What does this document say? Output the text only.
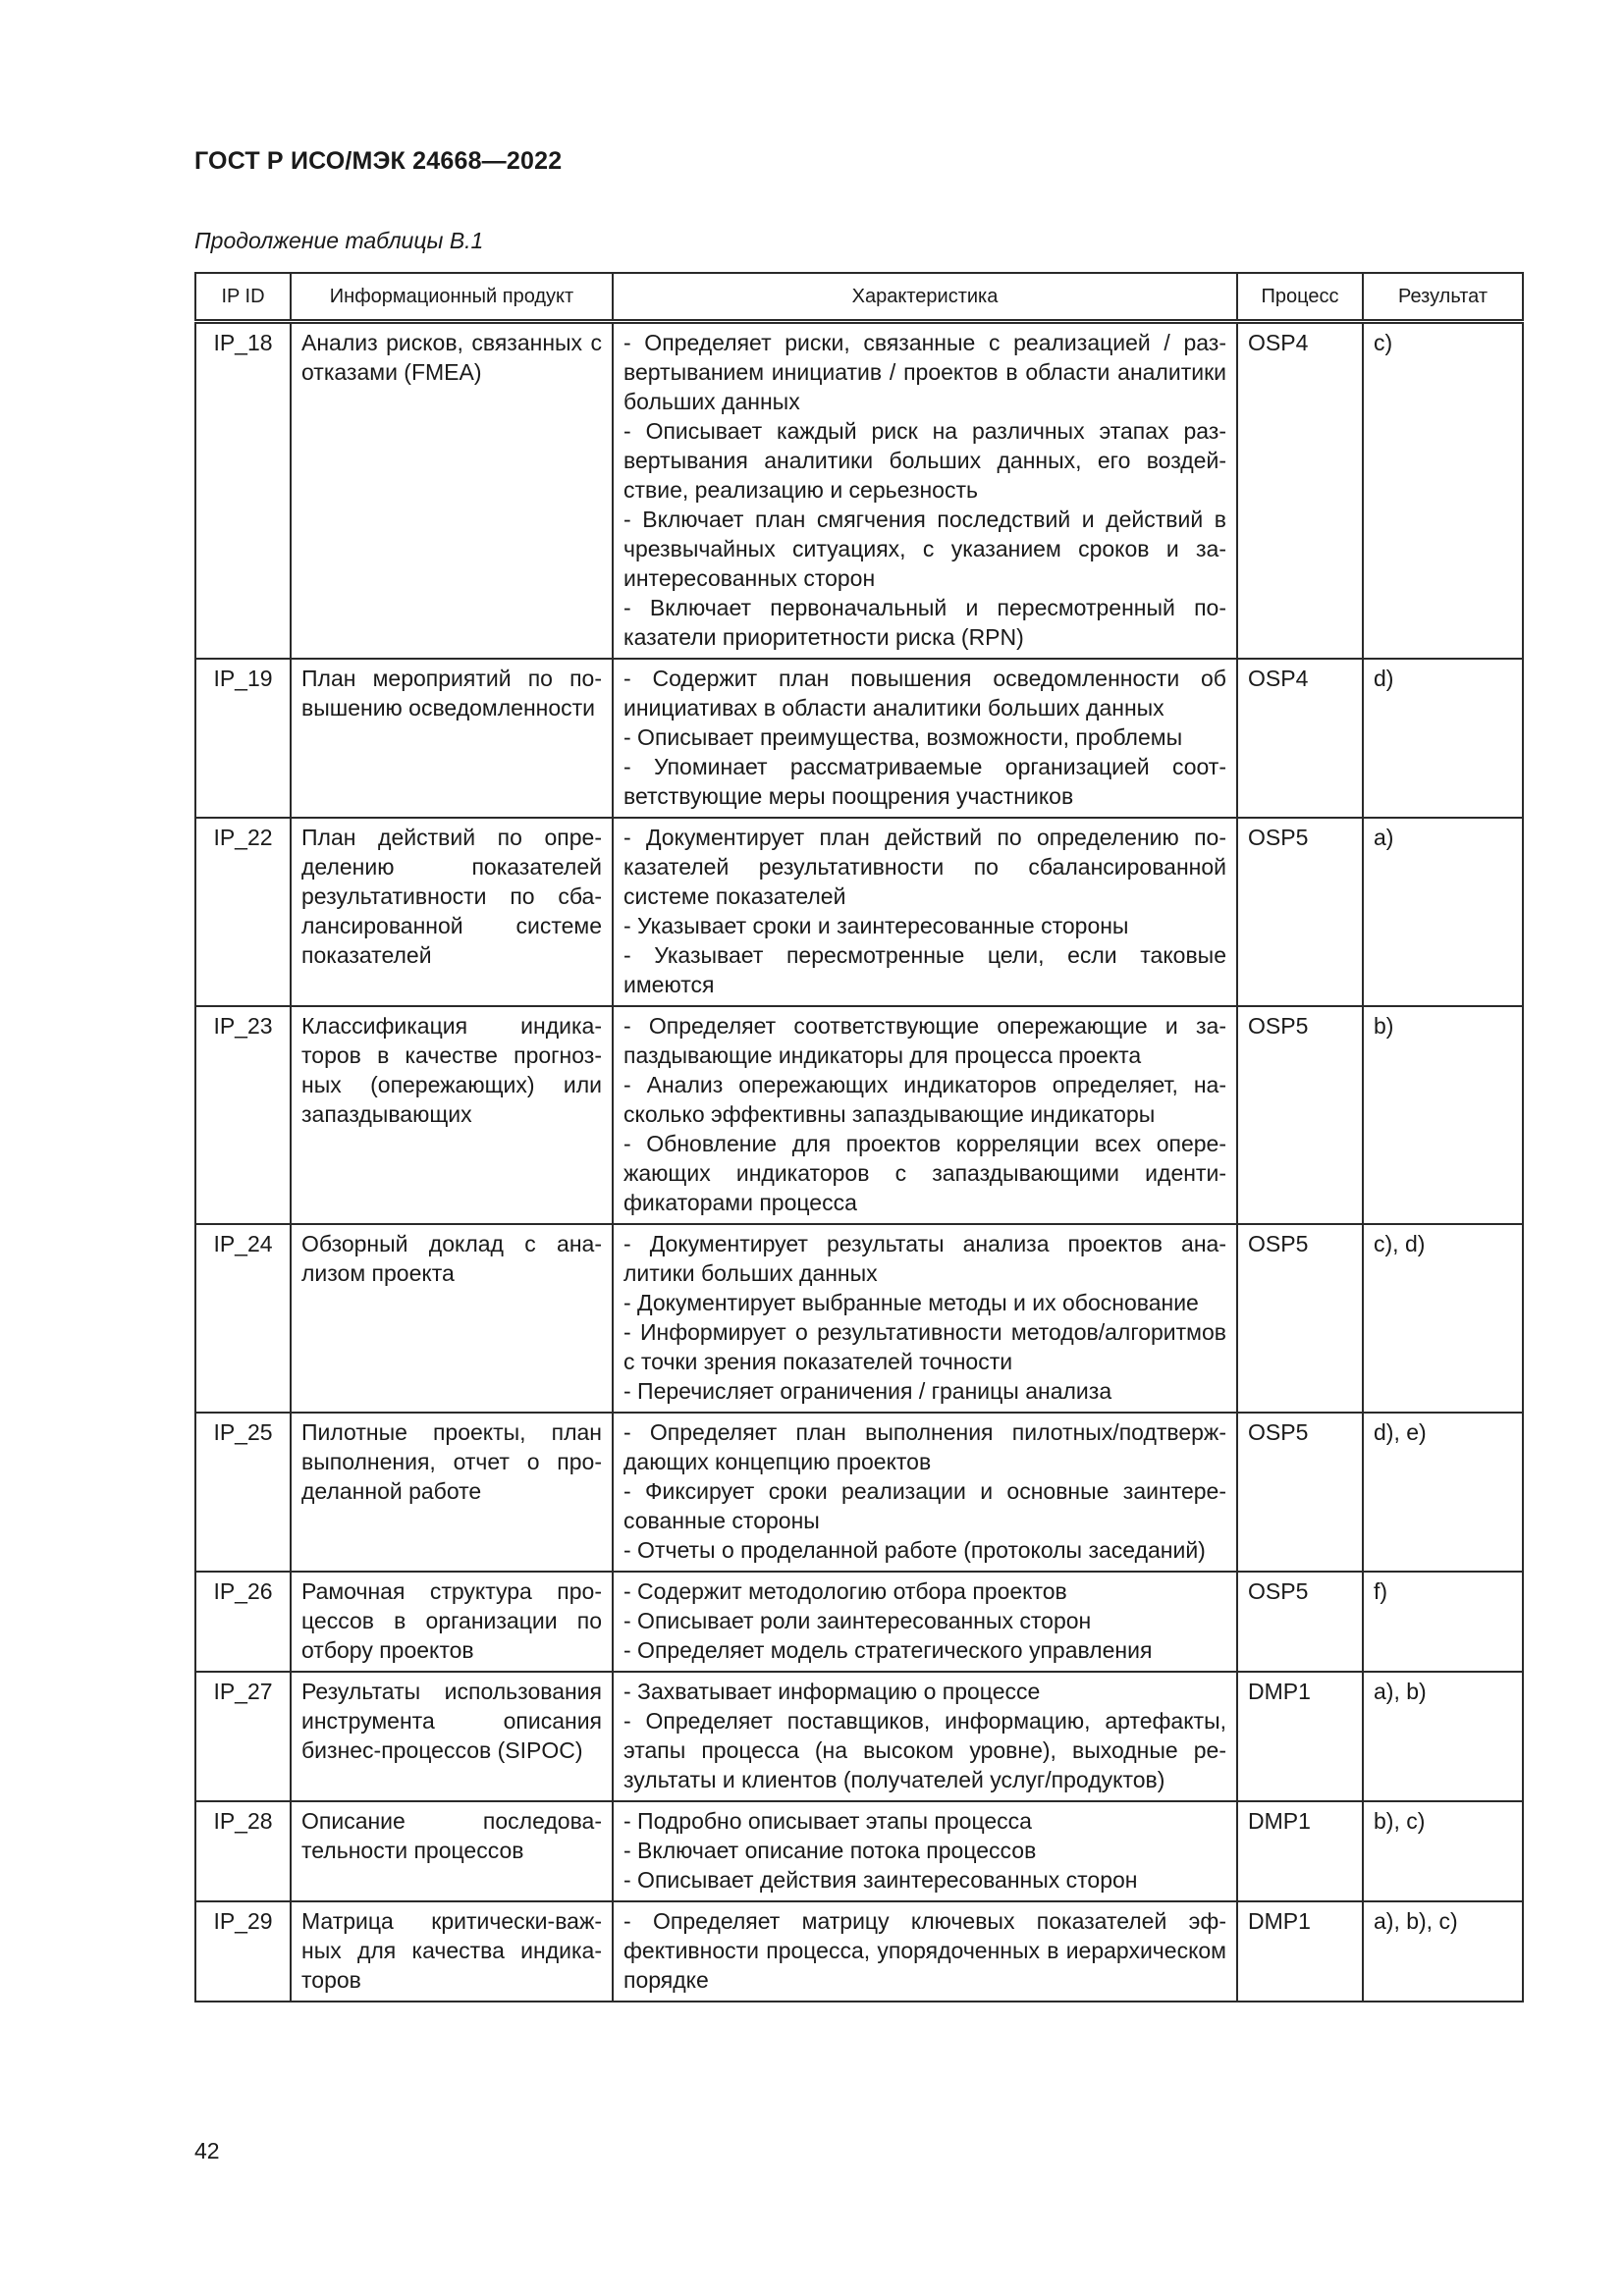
ГОСТ Р ИСО/МЭК 24668—2022
Продолжение таблицы В.1
IP ID	Информационный продукт	Характеристика	Процесс	Результат
IP_18	Анализ рисков, связанных с отказами (FMEA)	- Определяет риски, связанные с реализацией / развертыванием инициатив / проектов в области аналитики больших данных
- Описывает каждый риск на различных этапах развертывания аналитики больших данных, его воздействие, реализацию и серьезность
- Включает план смягчения последствий и действий в чрезвычайных ситуациях, с указанием сроков и заинтересованных сторон
- Включает первоначальный и пересмотренный показатели приоритетности риска (RPN)	OSP4	c)
IP_19	План мероприятий по повышению осведомленности	- Содержит план повышения осведомленности об инициативах в области аналитики больших данных
- Описывает преимущества, возможности, проблемы
- Упоминает рассматриваемые организацией соответствующие меры поощрения участников	OSP4	d)
IP_22	План действий по определению показателей результативности по сбалансированной системе показателей	- Документирует план действий по определению показателей результативности по сбалансированной системе показателей
- Указывает сроки и заинтересованные стороны
- Указывает пересмотренные цели, если таковые имеются	OSP5	a)
IP_23	Классификация индикаторов в качестве прогнозных (опережающих) или запаздывающих	- Определяет соответствующие опережающие и запаздывающие индикаторы для процесса проекта
- Анализ опережающих индикаторов определяет, насколько эффективны запаздывающие индикаторы
- Обновление для проектов корреляции всех опережающих индикаторов с запаздывающими идентификаторами процесса	OSP5	b)
IP_24	Обзорный доклад с анализом проекта	- Документирует результаты анализа проектов аналитики больших данных
- Документирует выбранные методы и их обоснование
- Информирует о результативности методов/алгоритмов с точки зрения показателей точности
- Перечисляет ограничения / границы анализа	OSP5	c), d)
IP_25	Пилотные проекты, план выполнения, отчет о проделанной работе	- Определяет план выполнения пилотных/подтверждающих концепцию проектов
- Фиксирует сроки реализации и основные заинтересованные стороны
- Отчеты о проделанной работе (протоколы заседаний)	OSP5	d), e)
IP_26	Рамочная структура процессов в организации по отбору проектов	- Содержит методологию отбора проектов
- Описывает роли заинтересованных сторон
- Определяет модель стратегического управления	OSP5	f)
IP_27	Результаты использования инструмента описания бизнес-процессов (SIPOC)	- Захватывает информацию о процессе
- Определяет поставщиков, информацию, артефакты, этапы процесса (на высоком уровне), выходные результаты и клиентов (получателей услуг/продуктов)	DMP1	a), b)
IP_28	Описание последовательности процессов	- Подробно описывает этапы процесса
- Включает описание потока процессов
- Описывает действия заинтересованных сторон	DMP1	b), c)
IP_29	Матрица критически-важных для качества индикаторов	- Определяет матрицу ключевых показателей эффективности процесса, упорядоченных в иерархическом порядке	DMP1	a), b), c)
42
